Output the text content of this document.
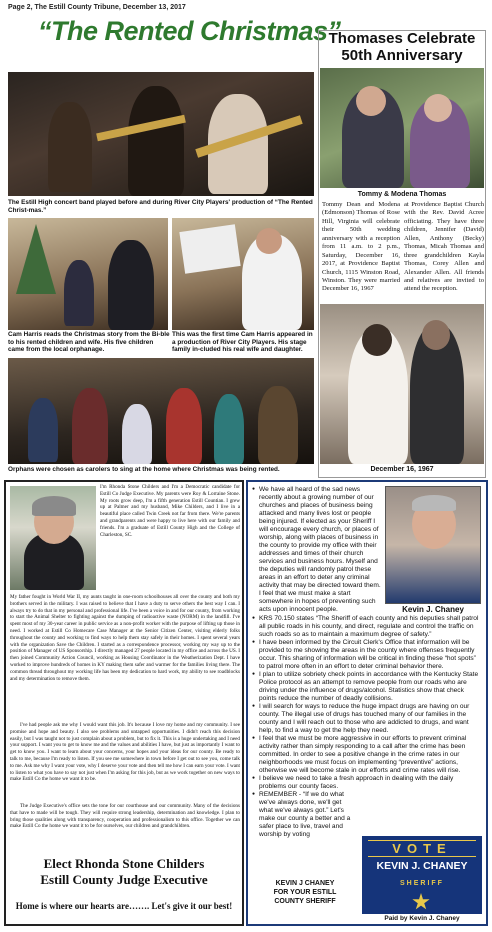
Page 2, The Estill County Tribune, December 13, 2017
“The Rented Christmas”
The Estill High concert band played before and during River City Players' production of “The Rented Christ-mas.”
Cam Harris reads the Christmas story from the Bi-ble to his rented children and wife. His five children came from the local orphanage.
This was the first time Cam Harris appeared in a production of River City Players. His stage family in-cluded his real wife and daughter.
Orphans were chosen as carolers to sing at the home where Christmas was being rented.
Thomases Celebrate
50th Anniversary
Tommy & Modena Thomas
Tommy Dean and Modena (Edmonson) Thomas of Rose Hill, Virginia will celebrate their 50th wedding anniversary with a reception from 11 a.m. to 2 p.m., Saturday, December 16, 2017, at Providence Baptist Church, 1115 Winston Road, Winston. They were married December 16, 1967
at Providence Baptist Church with the Rev. David Acree officiating. They have three children, Jennifer (David) Allen, Anthony (Becky) Thomas, Micah Thomas and three grandchildren Kayla Thomas, Corey Allen and Alexander Allen. All friends and relatives are invited to attend the reception.
December 16, 1967
I'm Rhonda Stone Childers and I'm a Democratic candidate for Estill Co Judge Executive. My parents were Roy & Lorraine Stone. My roots grow deep, I'm a fifth generation Estill Countian. I grew up at Palmer and my husband, Mike Childers, and I live in a beautiful place called Twin Creek not far from there. We're parents and grandparents and were happy to live here with our family and friends. I'm a graduate of Estill County High and the College of Charleston, SC.
My father fought in World War II, my aunts taught in one-room schoolhouses all over the county and both my brothers served in the military. I was raised to believe that I have a duty to serve others the best way I can. I always try to do that in my personal and professional life. I've been a voice in and for our county, from working to start the Animal Shelter to fighting against the dumping of radioactive waste (NORM) in the landfill. I've spent most of my 30-year career in public service as a non-profit worker with the purpose of lifting up those in need. I worked at Estill Co Homecare Case Manager at the Senior Citizen Center, visiting elderly folks throughout the county and working to find ways to help them stay safely in their homes. I spent several years with the organization Save the Children. I started as a correspondence processor, working my way up to the position of Manager of US Sponsorship. I directly managed 27 people located in my office and across the US. I then joined Community Action Council, working as Housing Coordinator in the Weatherization Dept. I have worked to improve hundreds of homes in KY making them safer and warmer for the families living there. The common thread throughout my working life has been my dedication to hard work, my ability to see roadblocks and my determination to remove them.
I've had people ask me why I would want this job. It's because I love my home and my community. I see promise and hope and beauty. I also see problems and untapped opportunities. I didn't reach this decision easily, but I was taught not to just complain about a problem, but to fix it. This is a huge undertaking and I need your support. I want you to get to know me and the values and abilities I have, but just as importantly I want to get to know you. I want to learn about your concerns, your hopes and your ideas for our county. Be ready to talk to me, because I'm ready to listen. If you see me somewhere in town before I get out to see you, come talk to me. Ask me why I want your vote, why I deserve your vote and then tell me how I can earn your vote. I want to listen to what you have to say not just when I'm asking for this job, but as we work together on new ways to make Estill Co the home we want it to be.
The Judge Executive's office sets the tone for our courthouse and our community. Many of the decisions that have to made will be tough. They will require strong leadership, determination and knowledge. I plan to bring those qualities along with transparency, cooperation and professionalism to this office. Together we can make Estill Co the home we want it to be for ourselves, our children and grandchildren.
Elect Rhonda Stone Childers
Estill County Judge Executive
Home is where our hearts are……. Let's give it our best!
● We have all heard of the sad news recently about a growing number of our churches and places of business being attacked and many lives lost or people being injured. If elected as your Sheriff I will encourage every church, or places of worship, along with places of business in the county to provide my office with their addresses and times of their church services and business hours. Myself and the deputies will randomly patrol these areas in an effort to deter any criminal activity that may be directed toward them. I feel that we must make a start somewhere in hopes of preventing such acts upon innocent people.
● KRS 70.150 states “The Sheriff of each county and his deputies shall patrol all public roads in his county, and direct, regulate and control the traffic on such roads so as to maintain a maximum degree of safety.”
● I have been informed by the Circuit Clerk's Office that information will be provided to me showing the areas in the county where offenses frequently occur. This sharing of information will be critical in finding these “hot spots” to patrol more often in an effort to deter criminal behavior there.
● I plan to utilize sobriety check points in accordance with the Kentucky State Police protocol as an attempt to remove people from our roads who are driving under the influence of drugs/alcohol. Statistics show that check points reduce the number of deadly collisions.
● I will search for ways to reduce the huge impact drugs are having on our county. The illegal use of drugs has touched many of our families in the county and I will reach out to those who are addicted to drugs, and want help, to find a way to get the help they need.
● I feel that we must be more aggressive in our efforts to prevent criminal activity rather than simply responding to a call after the crime has been committed. In order to see a positive change in the crime rates in our neighborhoods we must focus on implementing “preventive” actions, otherwise we will become stale in our efforts and crime rates will rise.
● I believe we need to take a fresh approach in dealing with the daily problems our county faces.
● REMEMBER - “If we do what we've always done, we'll get what we've always got.” Let's make our county a better and a safer place to live, travel and worship by voting
Kevin J. Chaney
KEVIN J CHANEY
FOR YOUR ESTILL
COUNTY SHERIFF
VOTE
KEVIN J. CHANEY
SHERIFF
Paid by Kevin J. Chaney
